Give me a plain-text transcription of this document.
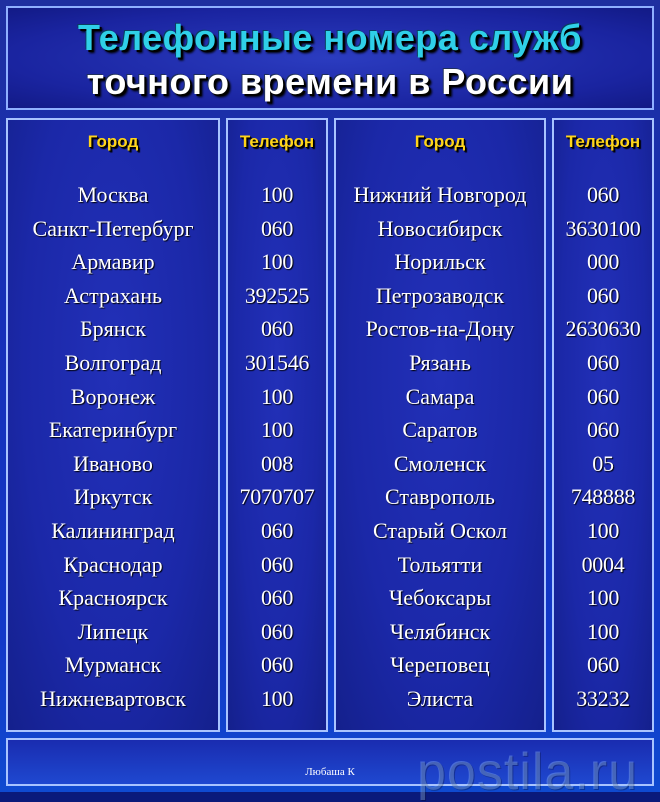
Телефонные номера служб
точного времени в России
Город
Москва
Санкт-Петербург
Армавир
Астрахань
Брянск
Волгоград
Воронеж
Екатеринбург
Иваново
Иркутск
Калининград
Краснодар
Красноярск
Липецк
Мурманск
Нижневартовск
Телефон
100
060
100
392525
060
301546
100
100
008
7070707
060
060
060
060
060
100
Город
Нижний Новгород
Новосибирск
Норильск
Петрозаводск
Ростов-на-Дону
Рязань
Самара
Саратов
Смоленск
Ставрополь
Старый Оскол
Тольятти
Чебоксары
Челябинск
Череповец
Элиста
Телефон
060
3630100
000
060
2630630
060
060
060
05
748888
100
0004
100
100
060
33232
Любаша К	postila.ru
